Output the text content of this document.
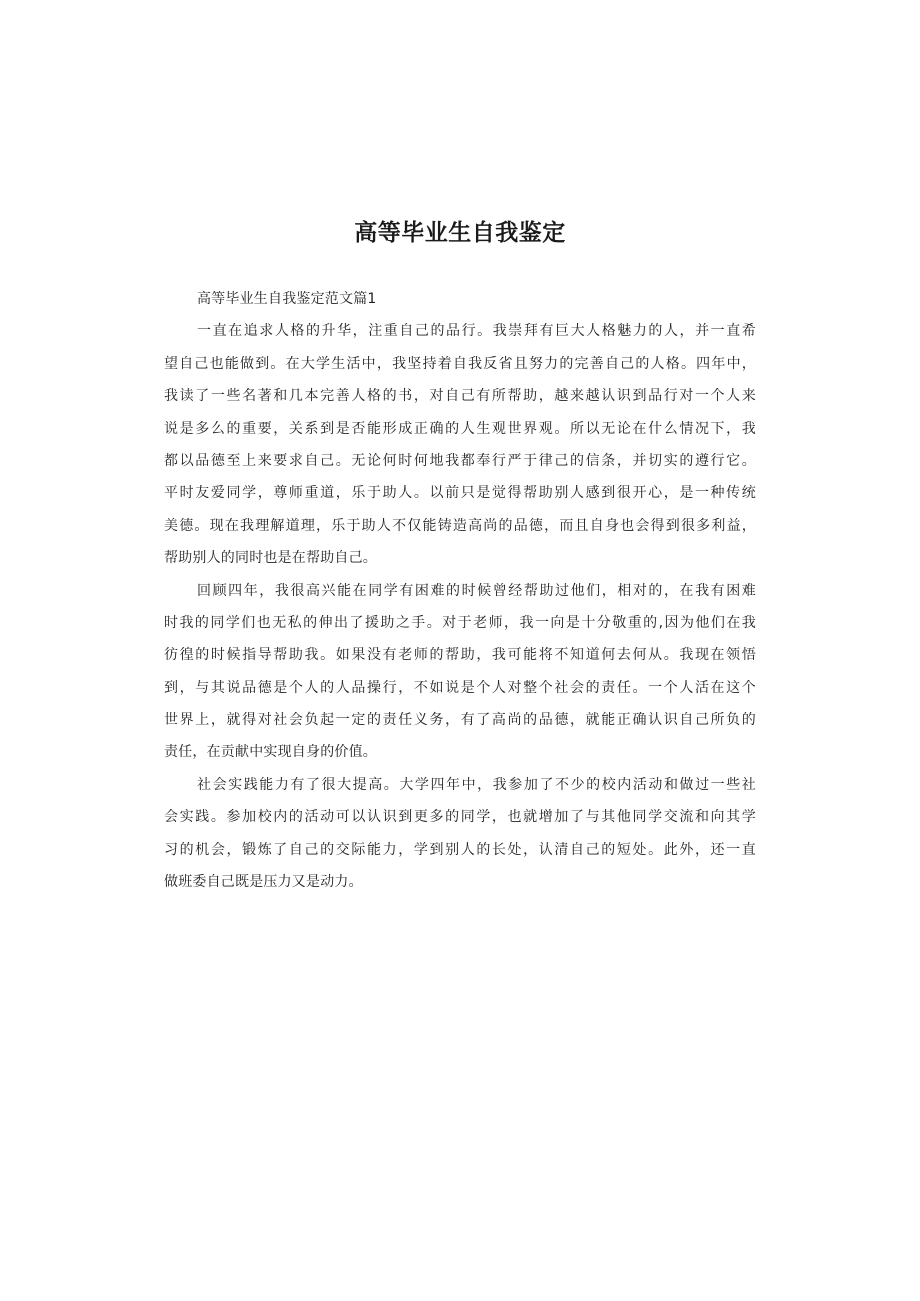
高等毕业生自我鉴定
高等毕业生自我鉴定范文篇1
一直在追求人格的升华，注重自己的品行。我崇拜有巨大人格魅力的人，并一直希
望自己也能做到。在大学生活中，我坚持着自我反省且努力的完善自己的人格。四年中，
我读了一些名著和几本完善人格的书，对自己有所帮助，越来越认识到品行对一个人来
说是多么的重要，关系到是否能形成正确的人生观世界观。所以无论在什么情况下，我
都以品德至上来要求自己。无论何时何地我都奉行严于律己的信条，并切实的遵行它。
平时友爱同学，尊师重道，乐于助人。以前只是觉得帮助别人感到很开心，是一种传统
美德。现在我理解道理，乐于助人不仅能铸造高尚的品德，而且自身也会得到很多利益，
帮助别人的同时也是在帮助自己。
回顾四年，我很高兴能在同学有困难的时候曾经帮助过他们，相对的，在我有困难
时我的同学们也无私的伸出了援助之手。对于老师，我一向是十分敬重的,因为他们在我
彷徨的时候指导帮助我。如果没有老师的帮助，我可能将不知道何去何从。我现在领悟
到，与其说品德是个人的人品操行，不如说是个人对整个社会的责任。一个人活在这个
世界上，就得对社会负起一定的责任义务，有了高尚的品德，就能正确认识自己所负的
责任，在贡献中实现自身的价值。
社会实践能力有了很大提高。大学四年中，我参加了不少的校内活动和做过一些社
会实践。参加校内的活动可以认识到更多的同学，也就增加了与其他同学交流和向其学
习的机会，锻炼了自己的交际能力，学到别人的长处，认清自己的短处。此外，还一直
做班委自己既是压力又是动力。
